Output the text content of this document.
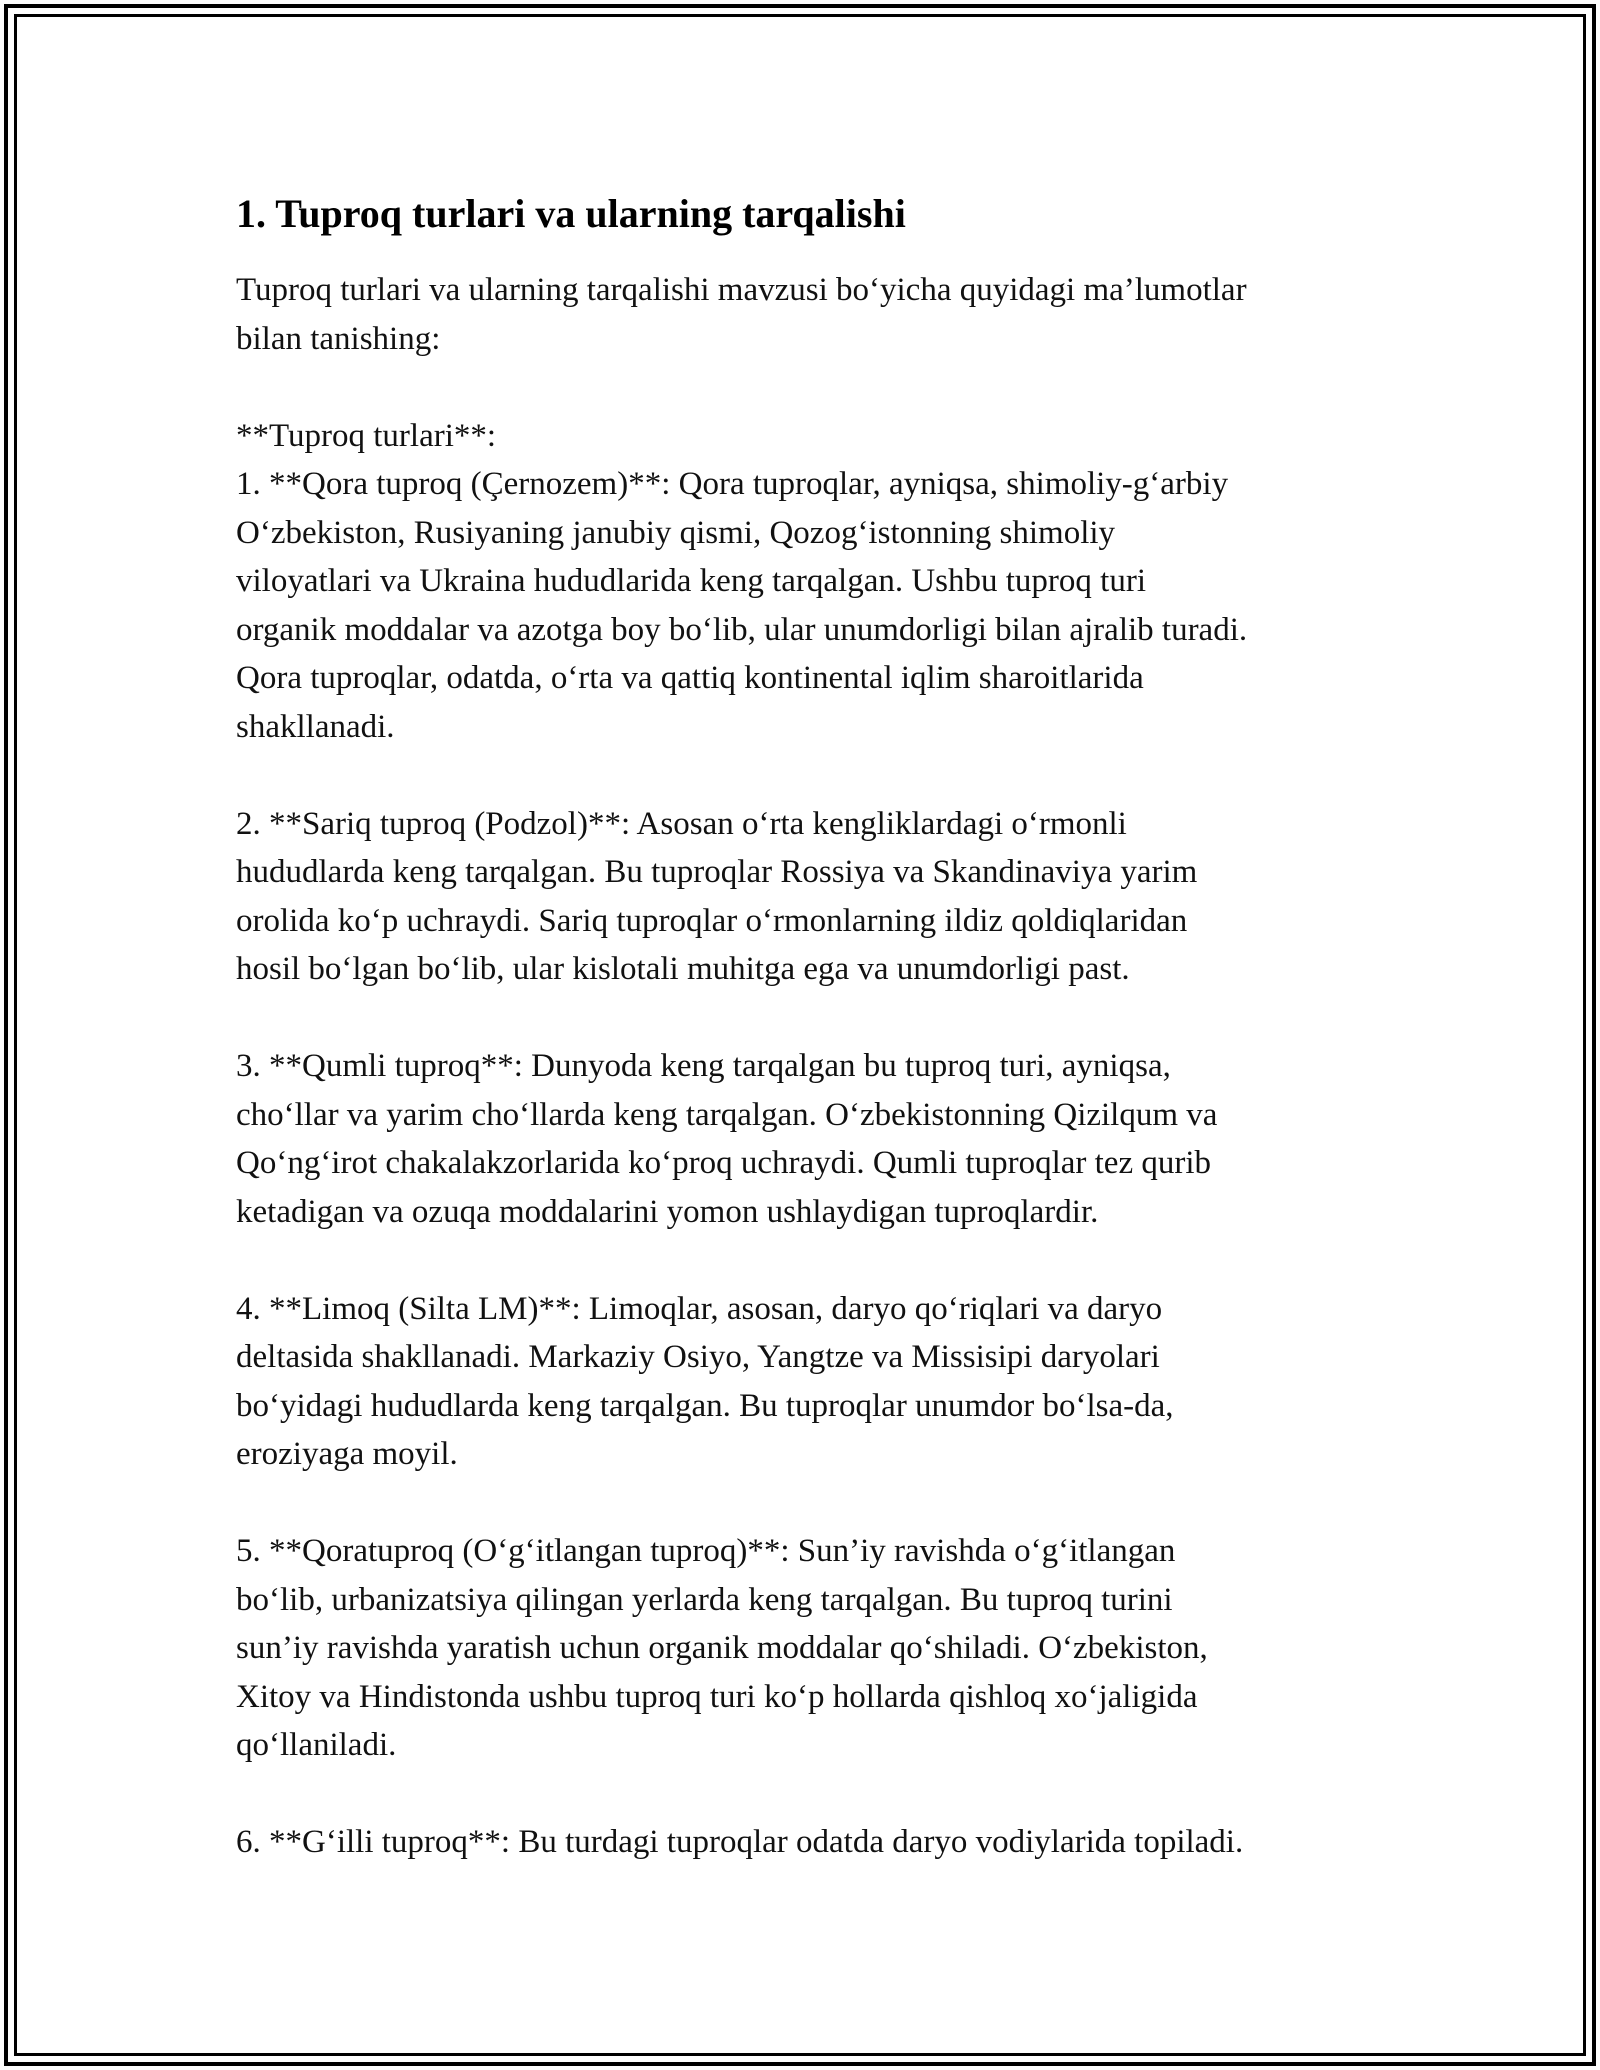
1. Tuproq turlari va ularning tarqalishi

Tuproq turlari va ularning tarqalishi mavzusi bo‘yicha quyidagi ma’lumotlar
bilan tanishing:

**Tuproq turlari**:

1. **Qora tuproq (Çernozem)**: Qora tuproqlar, ayniqsa, shimoliy-g‘arbiy
O‘zbekiston, Rusiyaning janubiy qismi, Qozog‘istonning shimoliy
viloyatlari va Ukraina hududlarida keng tarqalgan. Ushbu tuproq turi
organik moddalar va azotga boy bo‘lib, ular unumdorligi bilan ajralib turadi.
Qora tuproqlar, odatda, o‘rta va qattiq kontinental iqlim sharoitlarida
shakllanadi.

2. **Sariq tuproq (Podzol)**: Asosan o‘rta kengliklardagi o‘rmonli
hududlarda keng tarqalgan. Bu tuproqlar Rossiya va Skandinaviya yarim
orolida ko‘p uchraydi. Sariq tuproqlar o‘rmonlarning ildiz qoldiqlaridan
hosil bo‘lgan bo‘lib, ular kislotali muhitga ega va unumdorligi past.

3. **Qumli tuproq**: Dunyoda keng tarqalgan bu tuproq turi, ayniqsa,
cho‘llar va yarim cho‘llarda keng tarqalgan. O‘zbekistonning Qizilqum va
Qo‘ng‘irot chakalakzorlarida ko‘proq uchraydi. Qumli tuproqlar tez qurib
ketadigan va ozuqa moddalarini yomon ushlaydigan tuproqlardir.

4. **Limoq (Silta LM)**: Limoqlar, asosan, daryo qo‘riqlari va daryo
deltasida shakllanadi. Markaziy Osiyo, Yangtze va Missisipi daryolari
bo‘yidagi hududlarda keng tarqalgan. Bu tuproqlar unumdor bo‘lsa-da,
eroziyaga moyil.

5. **Qoratuproq (O‘g‘itlangan tuproq)**: Sun’iy ravishda o‘g‘itlangan
bo‘lib, urbanizatsiya qilingan yerlarda keng tarqalgan. Bu tuproq turini
sun’iy ravishda yaratish uchun organik moddalar qo‘shiladi. O‘zbekiston,
Xitoy va Hindistonda ushbu tuproq turi ko‘p hollarda qishloq xo‘jaligida
qo‘llaniladi.

6. **G‘illi tuproq**: Bu turdagi tuproqlar odatda daryo vodiylarida topiladi.
